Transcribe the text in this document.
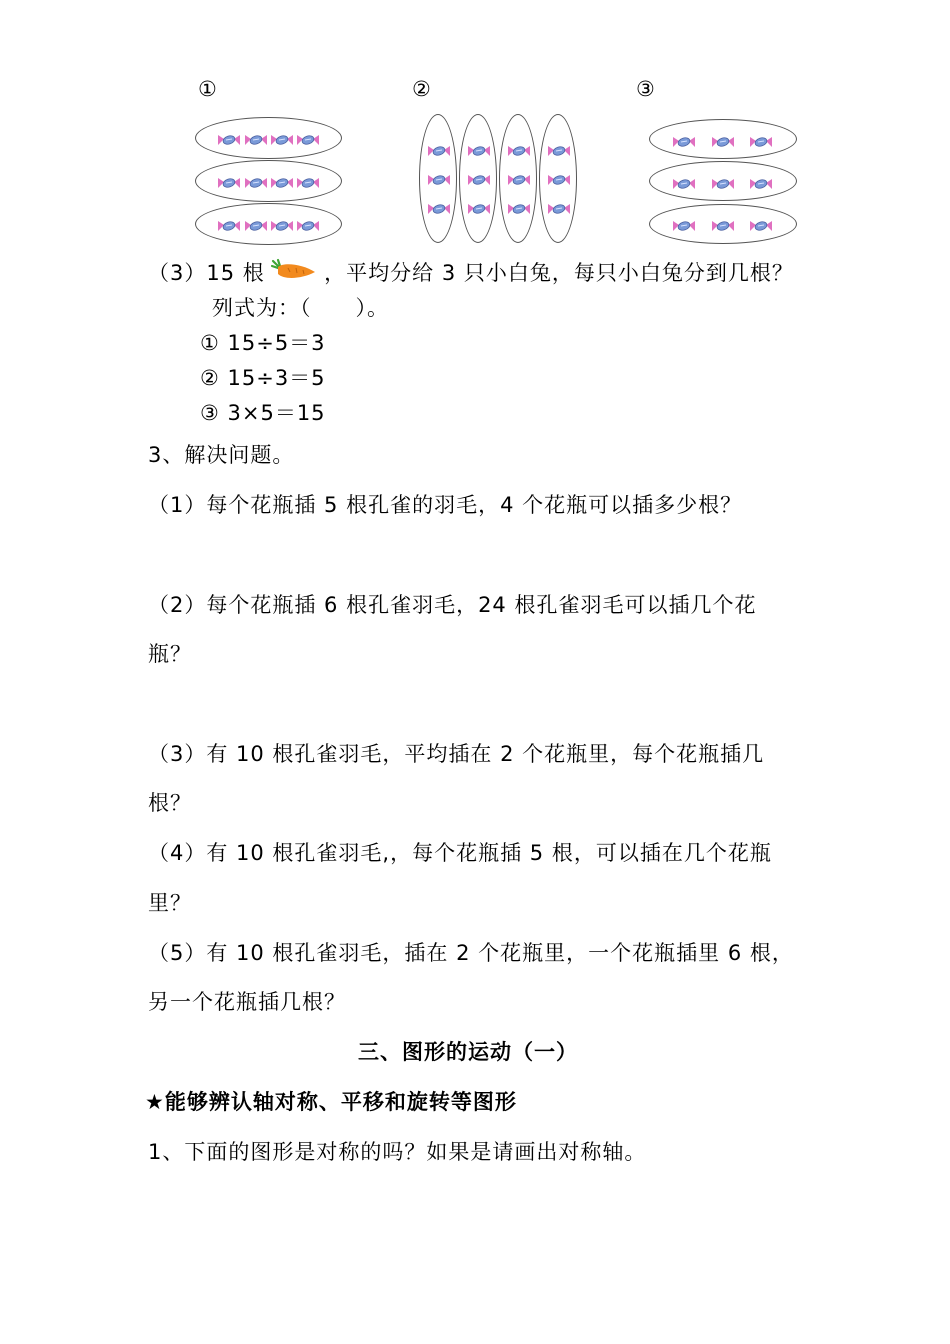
①	②	③
（3）15 根	，平均分给 3 只小白兔，每只小白兔分到几根？
列式为：（　　）。
① 15÷5＝3
② 15÷3＝5
③ 3×5＝15
3、解决问题。
（1）每个花瓶插 5 根孔雀的羽毛，4 个花瓶可以插多少根？
（2）每个花瓶插 6 根孔雀羽毛，24 根孔雀羽毛可以插几个花
瓶？
（3）有 10 根孔雀羽毛，平均插在 2 个花瓶里，每个花瓶插几
根？
（4）有 10 根孔雀羽毛,，每个花瓶插 5 根，可以插在几个花瓶
里？
（5）有 10 根孔雀羽毛，插在 2 个花瓶里，一个花瓶插里 6 根，
另一个花瓶插几根？
三、图形的运动（一）
★能够辨认轴对称、平移和旋转等图形
1、下面的图形是对称的吗？如果是请画出对称轴。
